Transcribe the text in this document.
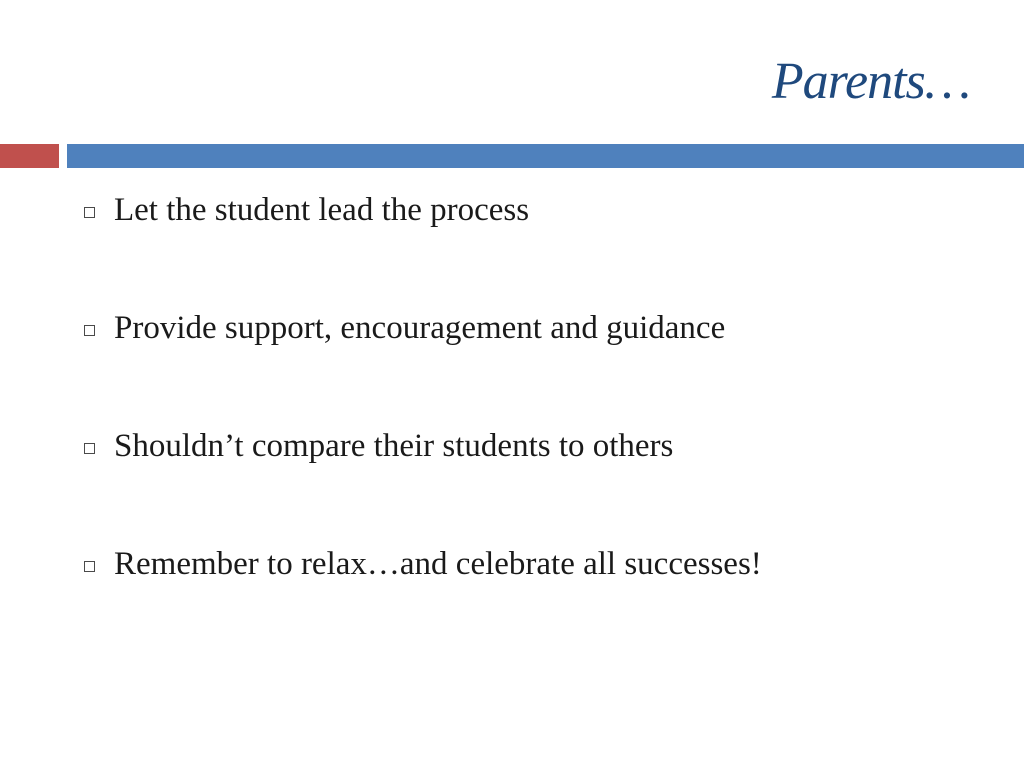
Parents…
Let the student lead the process
Provide support, encouragement and guidance
Shouldn’t compare their students to others
Remember to relax…and celebrate all successes!
